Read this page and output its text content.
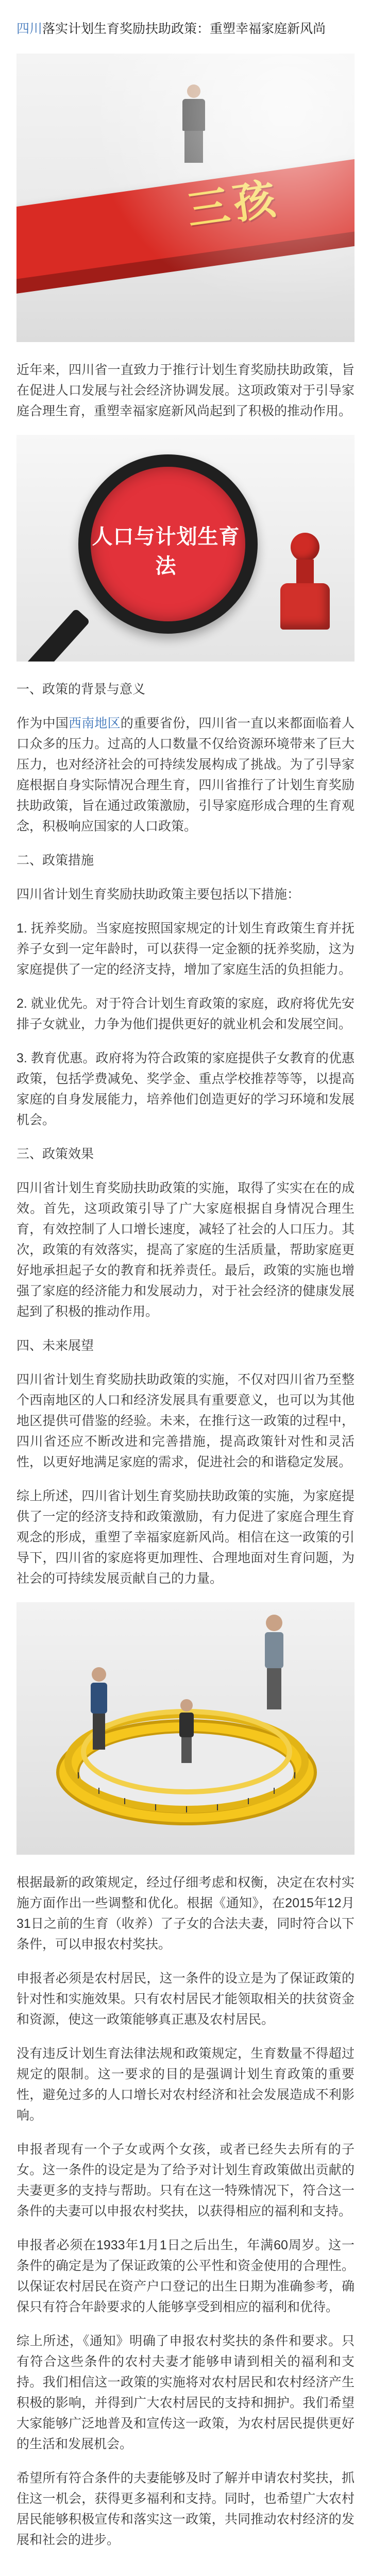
四川落实计划生育奖励扶助政策：重塑幸福家庭新风尚

近年来，四川省一直致力于推行计划生育奖励扶助政策，旨在促进人口发展与社会经济协调发展。这项政策对于引导家庭合理生育，重塑幸福家庭新风尚起到了积极的推动作用。

人口与计划生育法

一、政策的背景与意义

作为中国西南地区的重要省份，四川省一直以来都面临着人口众多的压力。过高的人口数量不仅给资源环境带来了巨大压力，也对经济社会的可持续发展构成了挑战。为了引导家庭根据自身实际情况合理生育，四川省推行了计划生育奖励扶助政策，旨在通过政策激励，引导家庭形成合理的生育观念，积极响应国家的人口政策。

二、政策措施

四川省计划生育奖励扶助政策主要包括以下措施：

1. 抚养奖励。当家庭按照国家规定的计划生育政策生育并抚养子女到一定年龄时，可以获得一定金额的抚养奖励，这为家庭提供了一定的经济支持，增加了家庭生活的负担能力。

2. 就业优先。对于符合计划生育政策的家庭，政府将优先安排子女就业，力争为他们提供更好的就业机会和发展空间。

3. 教育优惠。政府将为符合政策的家庭提供子女教育的优惠政策，包括学费减免、奖学金、重点学校推荐等等，以提高家庭的自身发展能力，培养他们创造更好的学习环境和发展机会。

三、政策效果

四川省计划生育奖励扶助政策的实施，取得了实实在在的成效。首先，这项政策引导了广大家庭根据自身情况合理生育，有效控制了人口增长速度，减轻了社会的人口压力。其次，政策的有效落实，提高了家庭的生活质量，帮助家庭更好地承担起子女的教育和抚养责任。最后，政策的实施也增强了家庭的经济能力和发展动力，对于社会经济的健康发展起到了积极的推动作用。

四、未来展望

四川省计划生育奖励扶助政策的实施，不仅对四川省乃至整个西南地区的人口和经济发展具有重要意义，也可以为其他地区提供可借鉴的经验。未来，在推行这一政策的过程中，四川省还应不断改进和完善措施，提高政策针对性和灵活性，以更好地满足家庭的需求，促进社会的和谐稳定发展。

综上所述，四川省计划生育奖励扶助政策的实施，为家庭提供了一定的经济支持和政策激励，有力促进了家庭合理生育观念的形成，重塑了幸福家庭新风尚。相信在这一政策的引导下，四川省的家庭将更加理性、合理地面对生育问题，为社会的可持续发展贡献自己的力量。

根据最新的政策规定，经过仔细考虑和权衡，决定在农村实施方面作出一些调整和优化。根据《通知》，在2015年12月31日之前的生育（收养）了子女的合法夫妻，同时符合以下条件，可以申报农村奖扶。

申报者必须是农村居民，这一条件的设立是为了保证政策的针对性和实施效果。只有农村居民才能领取相关的扶贫资金和资源，使这一政策能够真正惠及农村居民。

没有违反计划生育法律法规和政策规定，生育数量不得超过规定的限制。这一要求的目的是强调计划生育政策的重要性，避免过多的人口增长对农村经济和社会发展造成不利影响。

申报者现有一个子女或两个女孩，或者已经失去所有的子女。这一条件的设定是为了给予对计划生育政策做出贡献的夫妻更多的支持与帮助。只有在这一特殊情况下，符合这一条件的夫妻可以申报农村奖扶，以获得相应的福利和支持。

申报者必须在1933年1月1日之后出生，年满60周岁。这一条件的确定是为了保证政策的公平性和资金使用的合理性。以保证农村居民在资产户口登记的出生日期为准确参考，确保只有符合年龄要求的人能够享受到相应的福利和优待。

综上所述，《通知》明确了申报农村奖扶的条件和要求。只有符合这些条件的农村夫妻才能够申请到相关的福利和支持。我们相信这一政策的实施将对农村居民和农村经济产生积极的影响，并得到广大农村居民的支持和拥护。我们希望大家能够广泛地普及和宣传这一政策，为农村居民提供更好的生活和发展机会。

希望所有符合条件的夫妻能够及时了解并申请农村奖扶，抓住这一机会，获得更多福利和支持。同时，也希望广大农村居民能够积极宣传和落实这一政策，共同推动农村经济的发展和社会的进步。
